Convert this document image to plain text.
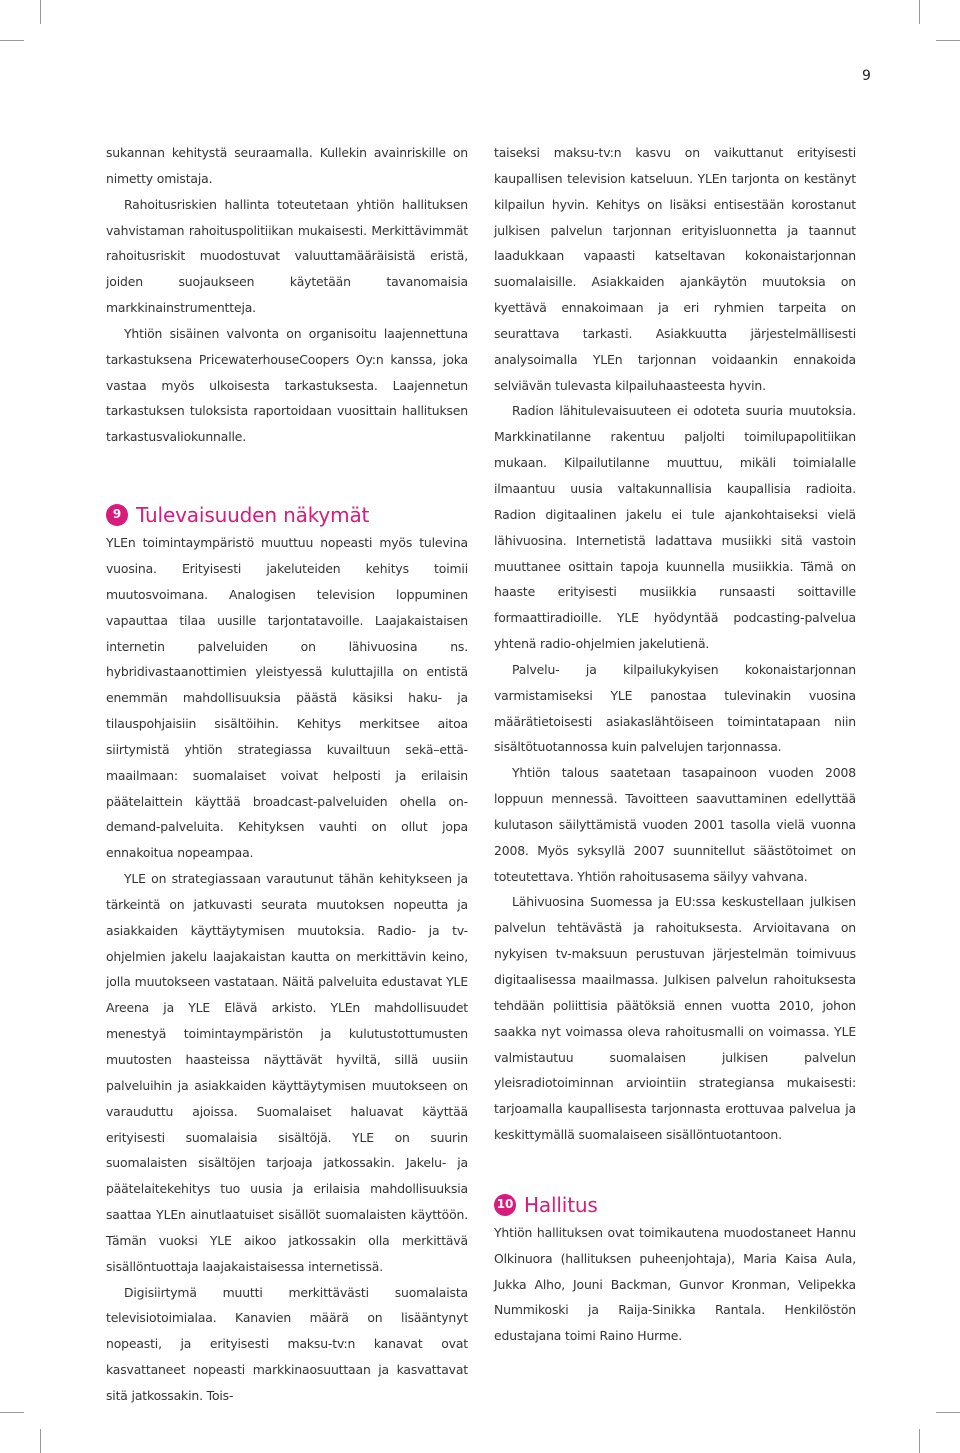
9

sukannan kehitystä seuraamalla. Kullekin avainriskille on nimetty omistaja.

Rahoitusriskien hallinta toteutetaan yhtiön hallituksen vahvistaman rahoituspolitiikan mukaisesti. Merkittävimmät rahoitusriskit muodostuvat valuuttamääräisistä eristä, joiden suojaukseen käytetään tavanomaisia markkinainstrumentteja.

Yhtiön sisäinen valvonta on organisoitu laajennettuna tarkastuksena PricewaterhouseCoopers Oy:n kanssa, joka vastaa myös ulkoisesta tarkastuksesta. Laajennetun tarkastuksen tuloksista raportoidaan vuosittain hallituksen tarkastusvaliokunnalle.

9 Tulevaisuuden näkymät

YLEn toimintaympäristö muuttuu nopeasti myös tulevina vuosina. Erityisesti jakeluteiden kehitys toimii muutosvoimana. Analogisen television loppuminen vapauttaa tilaa uusille tarjontatavoille. Laajakaistaisen internetin palveluiden on lähivuosina ns. hybridivastaanottimien yleistyessä kuluttajilla on entistä enemmän mahdollisuuksia päästä käsiksi haku- ja tilauspohjaisiin sisältöihin. Kehitys merkitsee aitoa siirtymistä yhtiön strategiassa kuvailtuun sekä–että-maailmaan: suomalaiset voivat helposti ja erilaisin päätelaittein käyttää broadcast-palveluiden ohella on-demand-palveluita. Kehityksen vauhti on ollut jopa ennakoitua nopeampaa.

YLE on strategiassaan varautunut tähän kehitykseen ja tärkeintä on jatkuvasti seurata muutoksen nopeutta ja asiakkaiden käyttäytymisen muutoksia. Radio- ja tv-ohjelmien jakelu laajakaistan kautta on merkittävin keino, jolla muutokseen vastataan. Näitä palveluita edustavat YLE Areena ja YLE Elävä arkisto. YLEn mahdollisuudet menestyä toimintaympäristön ja kulutustottumusten muutosten haasteissa näyttävät hyviltä, sillä uusiin palveluihin ja asiakkaiden käyttäytymisen muutokseen on varauduttu ajoissa. Suomalaiset haluavat käyttää erityisesti suomalaisia sisältöjä. YLE on suurin suomalaisten sisältöjen tarjoaja jatkossakin. Jakelu- ja päätelaitekehitys tuo uusia ja erilaisia mahdollisuuksia saattaa YLEn ainutlaatuiset sisällöt suomalaisten käyttöön. Tämän vuoksi YLE aikoo jatkossakin olla merkittävä sisällöntuottaja laajakaistaisessa internetissä.

Digisiirtymä muutti merkittävästi suomalaista televisiotoimialaa. Kanavien määrä on lisääntynyt nopeasti, ja erityisesti maksu-tv:n kanavat ovat kasvattaneet nopeasti markkinaosuuttaan ja kasvattavat sitä jatkossakin. Tois-

taiseksi maksu-tv:n kasvu on vaikuttanut erityisesti kaupallisen television katseluun. YLEn tarjonta on kestänyt kilpailun hyvin. Kehitys on lisäksi entisestään korostanut julkisen palvelun tarjonnan erityisluonnetta ja taannut laadukkaan vapaasti katseltavan kokonaistarjonnan suomalaisille. Asiakkaiden ajankäytön muutoksia on kyettävä ennakoimaan ja eri ryhmien tarpeita on seurattava tarkasti. Asiakkuutta järjestelmällisesti analysoimalla YLEn tarjonnan voidaankin ennakoida selviävän tulevasta kilpailuhaasteesta hyvin.

Radion lähitulevaisuuteen ei odoteta suuria muutoksia. Markkinatilanne rakentuu paljolti toimilupapolitiikan mukaan. Kilpailutilanne muuttuu, mikäli toimialalle ilmaantuu uusia valtakunnallisia kaupallisia radioita. Radion digitaalinen jakelu ei tule ajankohtaiseksi vielä lähivuosina. Internetistä ladattava musiikki sitä vastoin muuttanee osittain tapoja kuunnella musiikkia. Tämä on haaste erityisesti musiikkia runsaasti soittaville formaattiradioille. YLE hyödyntää podcasting-palvelua yhtenä radio-ohjelmien jakelutienä.

Palvelu- ja kilpailukykyisen kokonaistarjonnan varmistamiseksi YLE panostaa tulevinakin vuosina määrätietoisesti asiakaslähtöiseen toimintatapaan niin sisältötuotannossa kuin palvelujen tarjonnassa.

Yhtiön talous saatetaan tasapainoon vuoden 2008 loppuun mennessä. Tavoitteen saavuttaminen edellyttää kulutason säilyttämistä vuoden 2001 tasolla vielä vuonna 2008. Myös syksyllä 2007 suunnitellut säästötoimet on toteutettava. Yhtiön rahoitusasema säilyy vahvana.

Lähivuosina Suomessa ja EU:ssa keskustellaan julkisen palvelun tehtävästä ja rahoituksesta. Arvioitavana on nykyisen tv-maksuun perustuvan järjestelmän toimivuus digitaalisessa maailmassa. Julkisen palvelun rahoituksesta tehdään poliittisia päätöksiä ennen vuotta 2010, johon saakka nyt voimassa oleva rahoitusmalli on voimassa. YLE valmistautuu suomalaisen julkisen palvelun yleisradiotoiminnan arviointiin strategiansa mukaisesti: tarjoamalla kaupallisesta tarjonnasta erottuvaa palvelua ja keskittymällä suomalaiseen sisällöntuotantoon.

10 Hallitus

Yhtiön hallituksen ovat toimikautena muodostaneet Hannu Olkinuora (hallituksen puheenjohtaja), Maria Kaisa Aula, Jukka Alho, Jouni Backman, Gunvor Kronman, Velipekka Nummikoski ja Raija-Sinikka Rantala. Henkilöstön edustajana toimi Raino Hurme.
